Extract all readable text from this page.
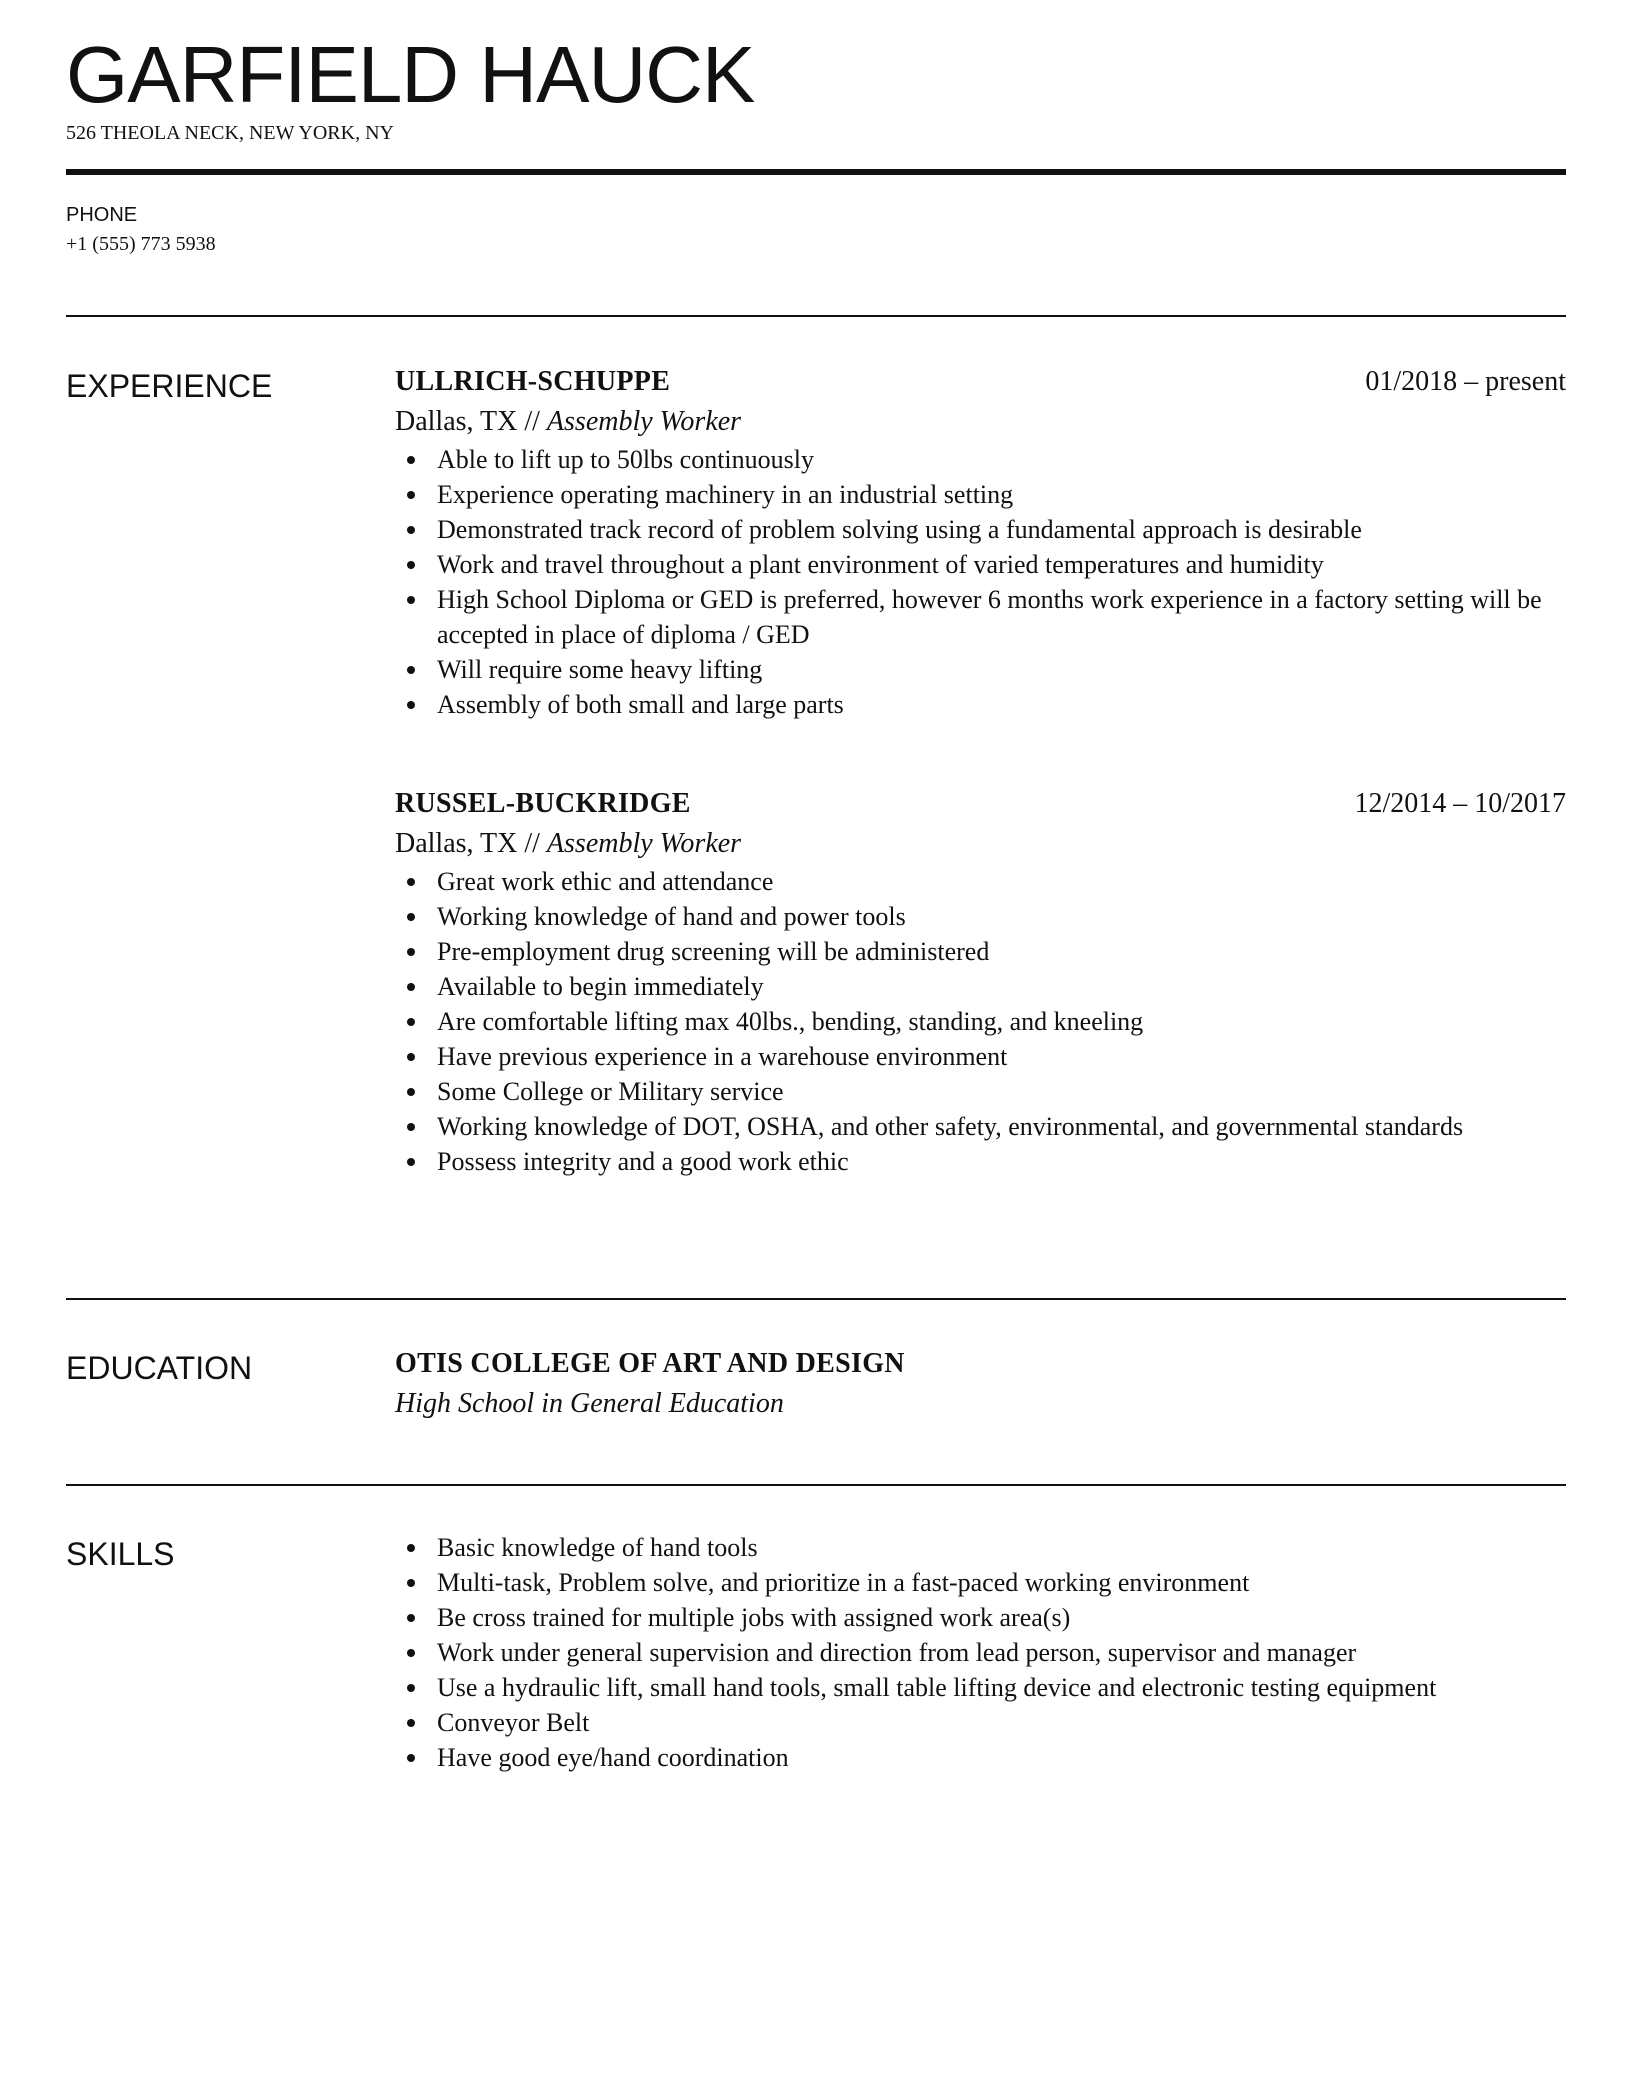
GARFIELD HAUCK
526 THEOLA NECK, NEW YORK, NY
PHONE
+1 (555) 773 5938
EXPERIENCE	ULLRICH-SCHUPPE	01/2018 – present
Dallas, TX // Assembly Worker
Able to lift up to 50lbs continuously
Experience operating machinery in an industrial setting
Demonstrated track record of problem solving using a fundamental approach is desirable
Work and travel throughout a plant environment of varied temperatures and humidity
High School Diploma or GED is preferred, however 6 months work experience in a factory setting will be accepted in place of diploma / GED
Will require some heavy lifting
Assembly of both small and large parts
RUSSEL-BUCKRIDGE	12/2014 – 10/2017
Dallas, TX // Assembly Worker
Great work ethic and attendance
Working knowledge of hand and power tools
Pre-employment drug screening will be administered
Available to begin immediately
Are comfortable lifting max 40lbs., bending, standing, and kneeling
Have previous experience in a warehouse environment
Some College or Military service
Working knowledge of DOT, OSHA, and other safety, environmental, and governmental standards
Possess integrity and a good work ethic
EDUCATION	OTIS COLLEGE OF ART AND DESIGN
High School in General Education
SKILLS	Basic knowledge of hand tools
Multi-task, Problem solve, and prioritize in a fast-paced working environment
Be cross trained for multiple jobs with assigned work area(s)
Work under general supervision and direction from lead person, supervisor and manager
Use a hydraulic lift, small hand tools, small table lifting device and electronic testing equipment
Conveyor Belt
Have good eye/hand coordination
